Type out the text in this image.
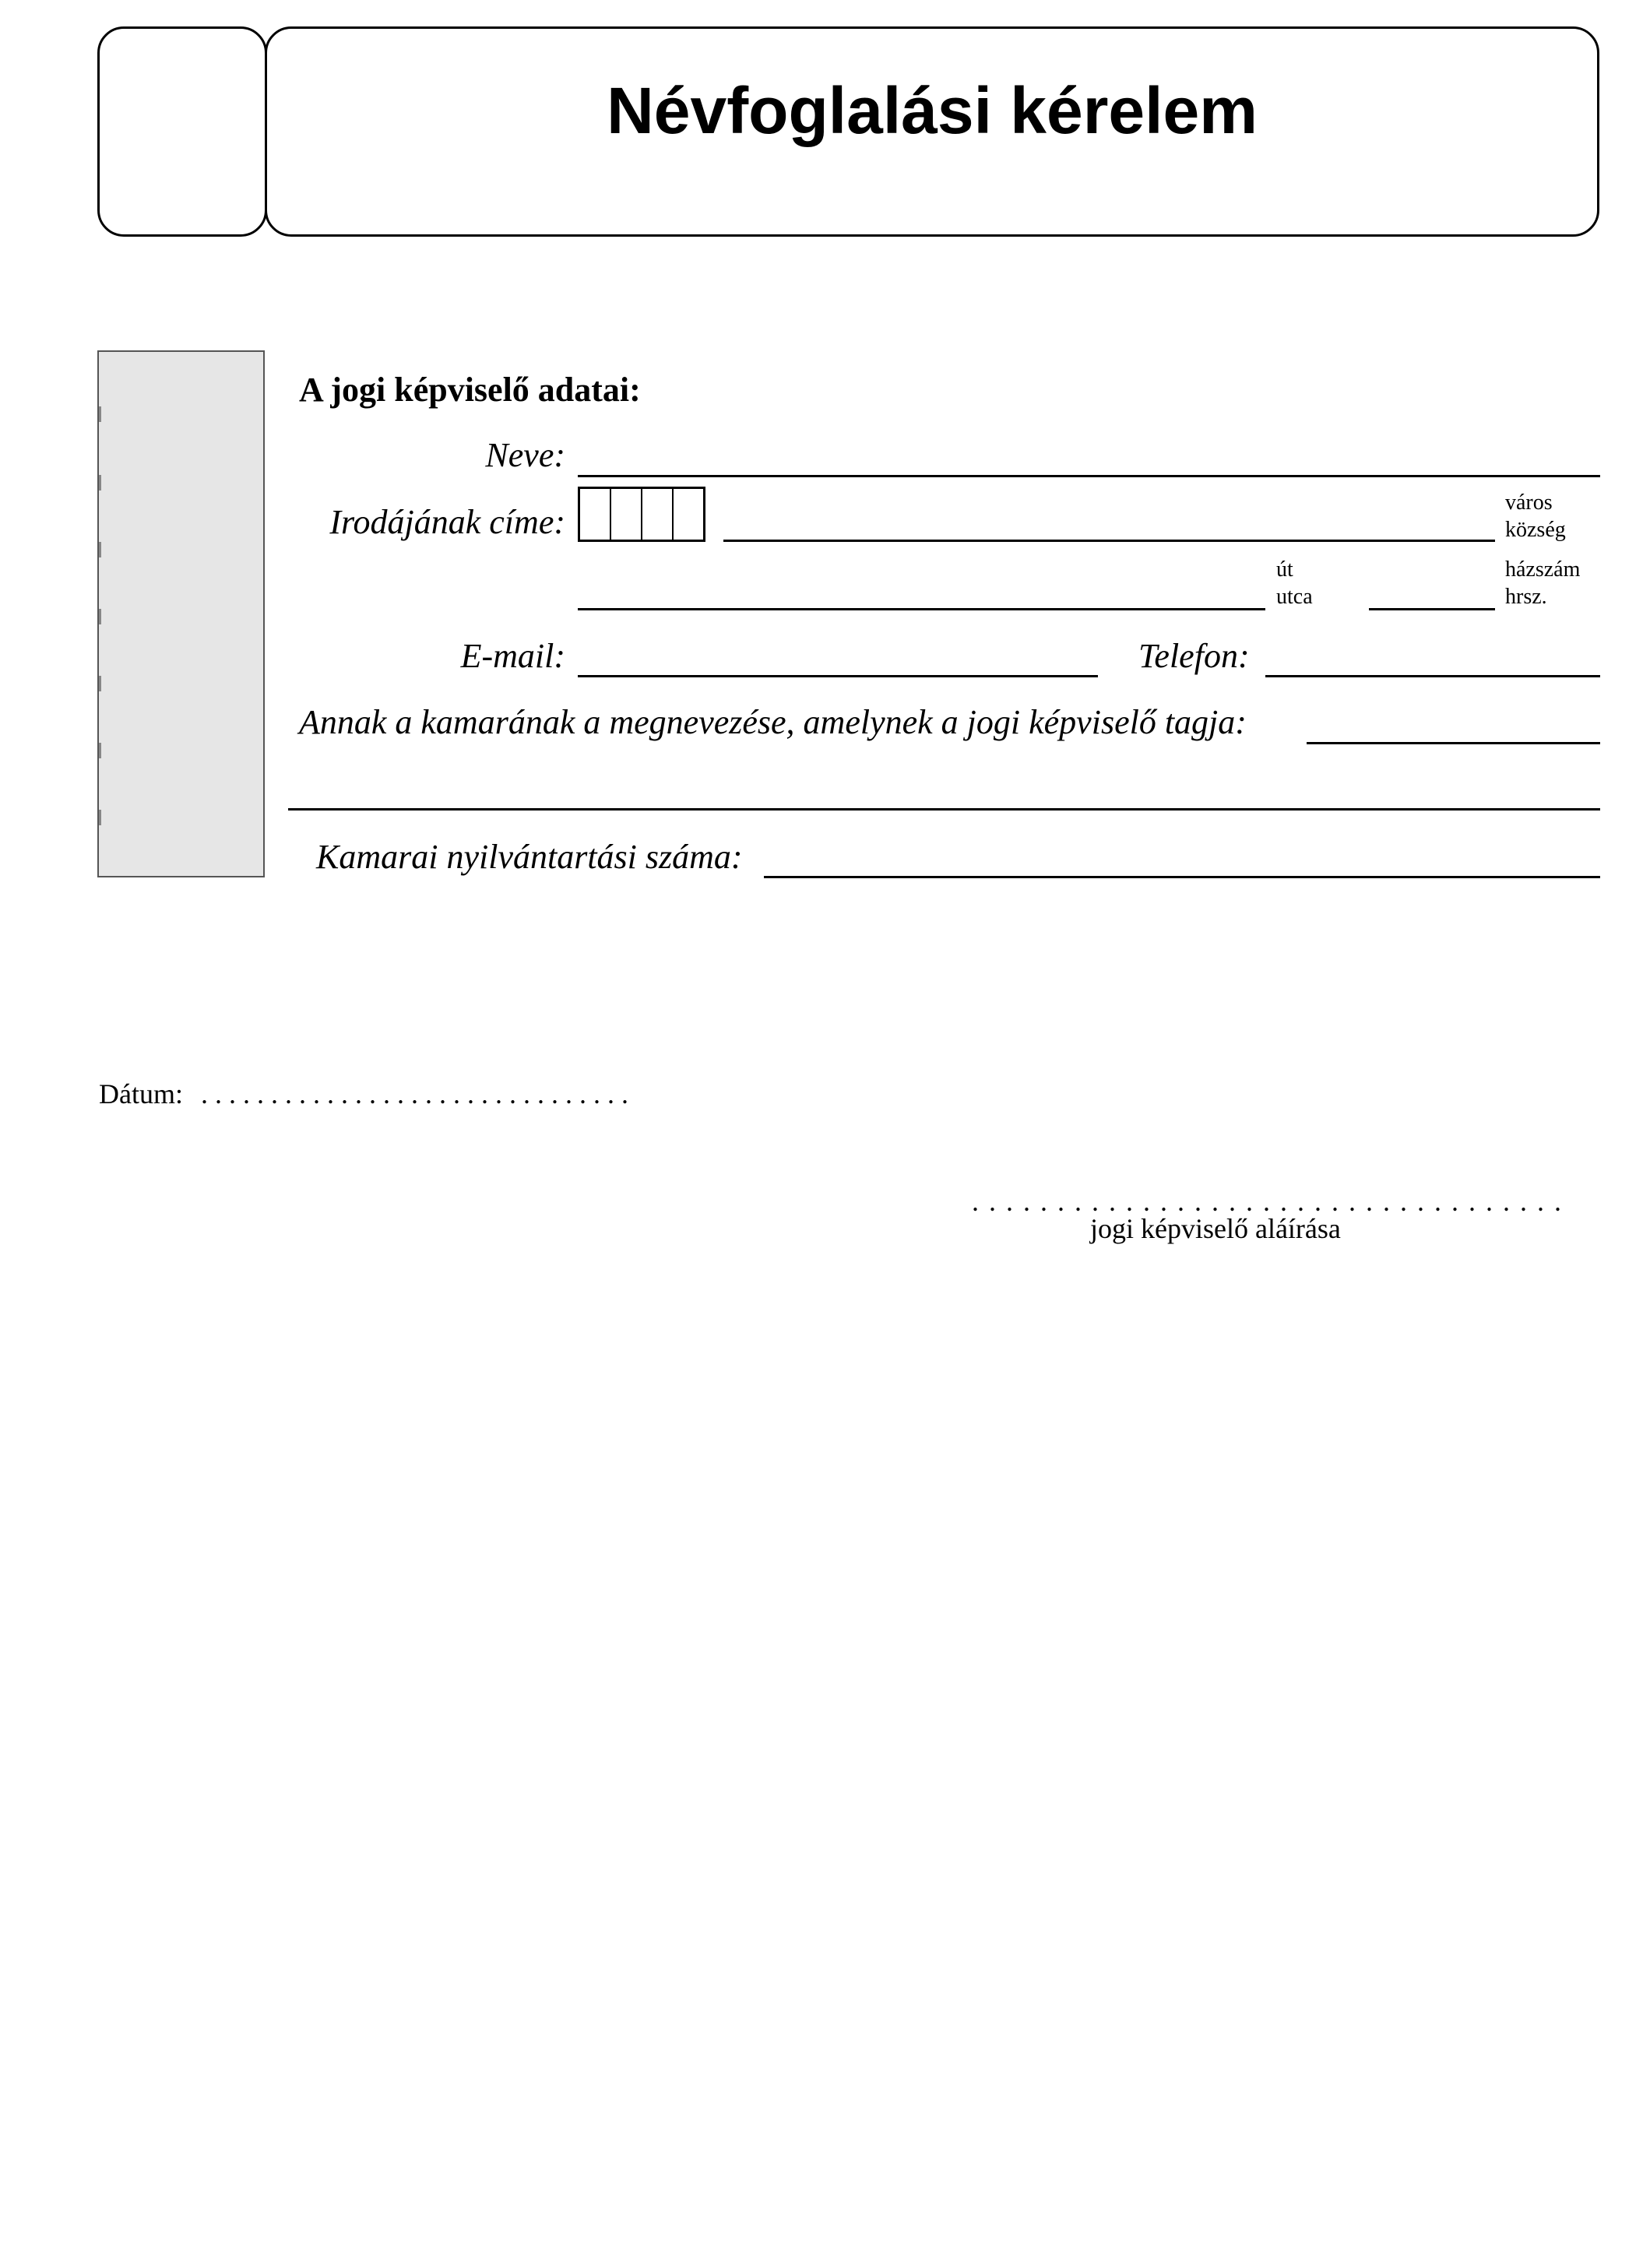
Névfoglalási kérelem
A jogi képviselő adatai:
Neve:
Irodájának címe:
város
község
út
utca
házszám
hrsz.
E-mail:	Telefon:
Annak a kamarának a megnevezése, amelynek a jogi képviselő tagja:
Kamarai nyilvántartási száma:
Dátum: . . . . . . . . . . . . . . . . . . . . . . . . . . . . . . .
. . . . . . . . . . . . . . . . . . . . . . . . . . . . . . . . . . .
jogi képviselő aláírása
